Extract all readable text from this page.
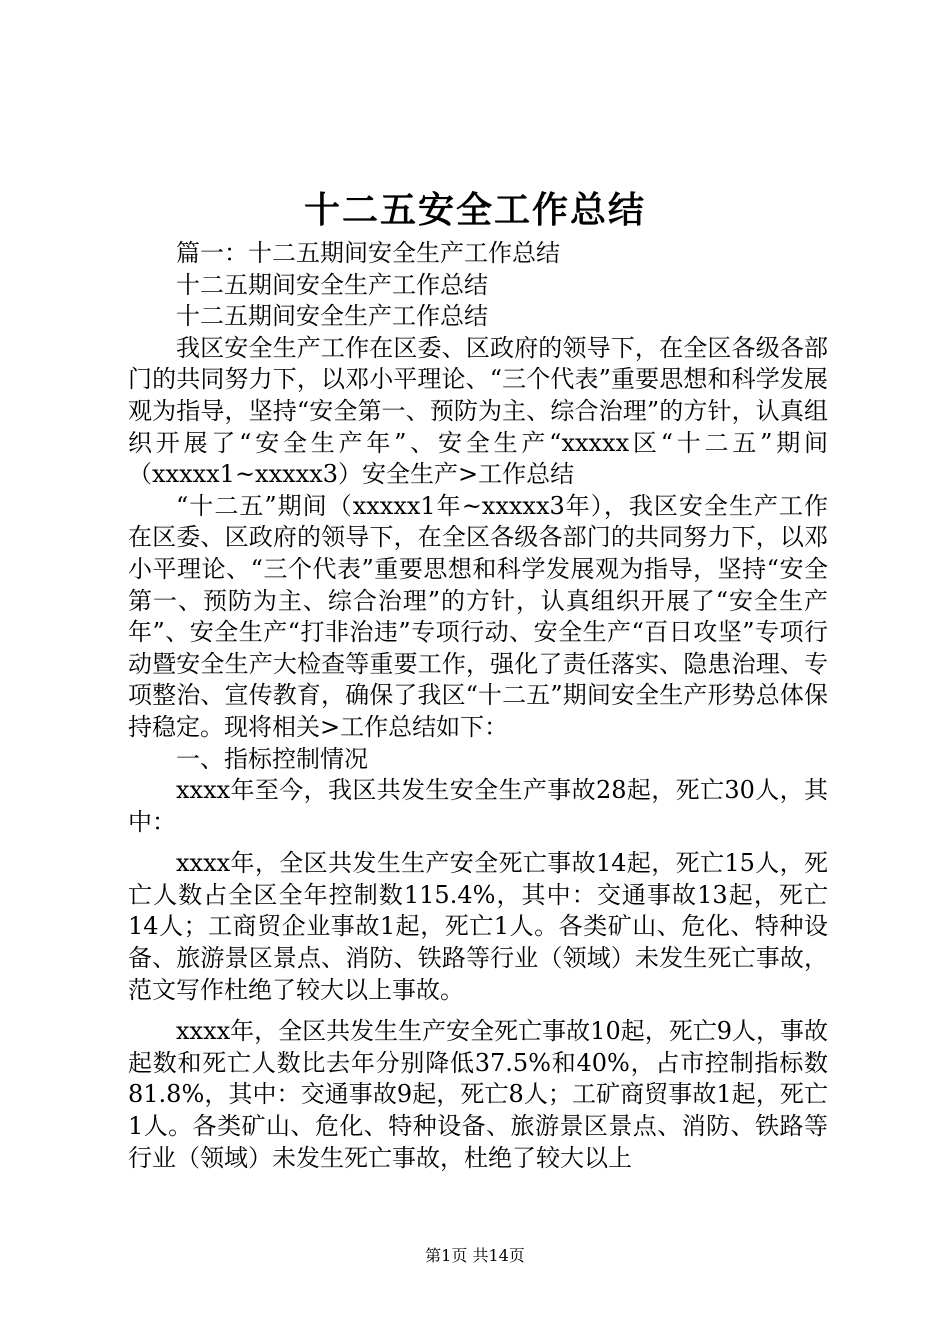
十二五安全工作总结

篇一：十二五期间安全生产工作总结

十二五期间安全生产工作总结

十二五期间安全生产工作总结

我区安全生产工作在区委、区政府的领导下，在全区各级各部门的共同努力下，以邓小平理论、“三个代表”重要思想和科学发展观为指导，坚持“安全第一、预防为主、综合治理”的方针，认真组织开展了“安全生产年”、安全生产“xxxxx区“十二五”期间（xxxxx1~xxxxx3）安全生产>工作总结

“十二五”期间（xxxxx1年~xxxxx3年），我区安全生产工作在区委、区政府的领导下，在全区各级各部门的共同努力下，以邓小平理论、“三个代表”重要思想和科学发展观为指导，坚持“安全第一、预防为主、综合治理”的方针，认真组织开展了“安全生产年”、安全生产“打非治违”专项行动、安全生产“百日攻坚”专项行动暨安全生产大检查等重要工作，强化了责任落实、隐患治理、专项整治、宣传教育，确保了我区“十二五”期间安全生产形势总体保持稳定。现将相关>工作总结如下：

一、指标控制情况

xxxx年至今，我区共发生安全生产事故28起，死亡30人，其中：

xxxx年，全区共发生生产安全死亡事故14起，死亡15人，死亡人数占全区全年控制数115.4%，其中：交通事故13起，死亡14人；工商贸企业事故1起，死亡1人。各类矿山、危化、特种设备、旅游景区景点、消防、铁路等行业（领域）未发生死亡事故，范文写作杜绝了较大以上事故。

xxxx年，全区共发生生产安全死亡事故10起，死亡9人，事故起数和死亡人数比去年分别降低37.5%和40%，占市控制指标数81.8%，其中：交通事故9起，死亡8人；工矿商贸事故1起，死亡1人。各类矿山、危化、特种设备、旅游景区景点、消防、铁路等行业（领域）未发生死亡事故，杜绝了较大以上

第1页 共14页
